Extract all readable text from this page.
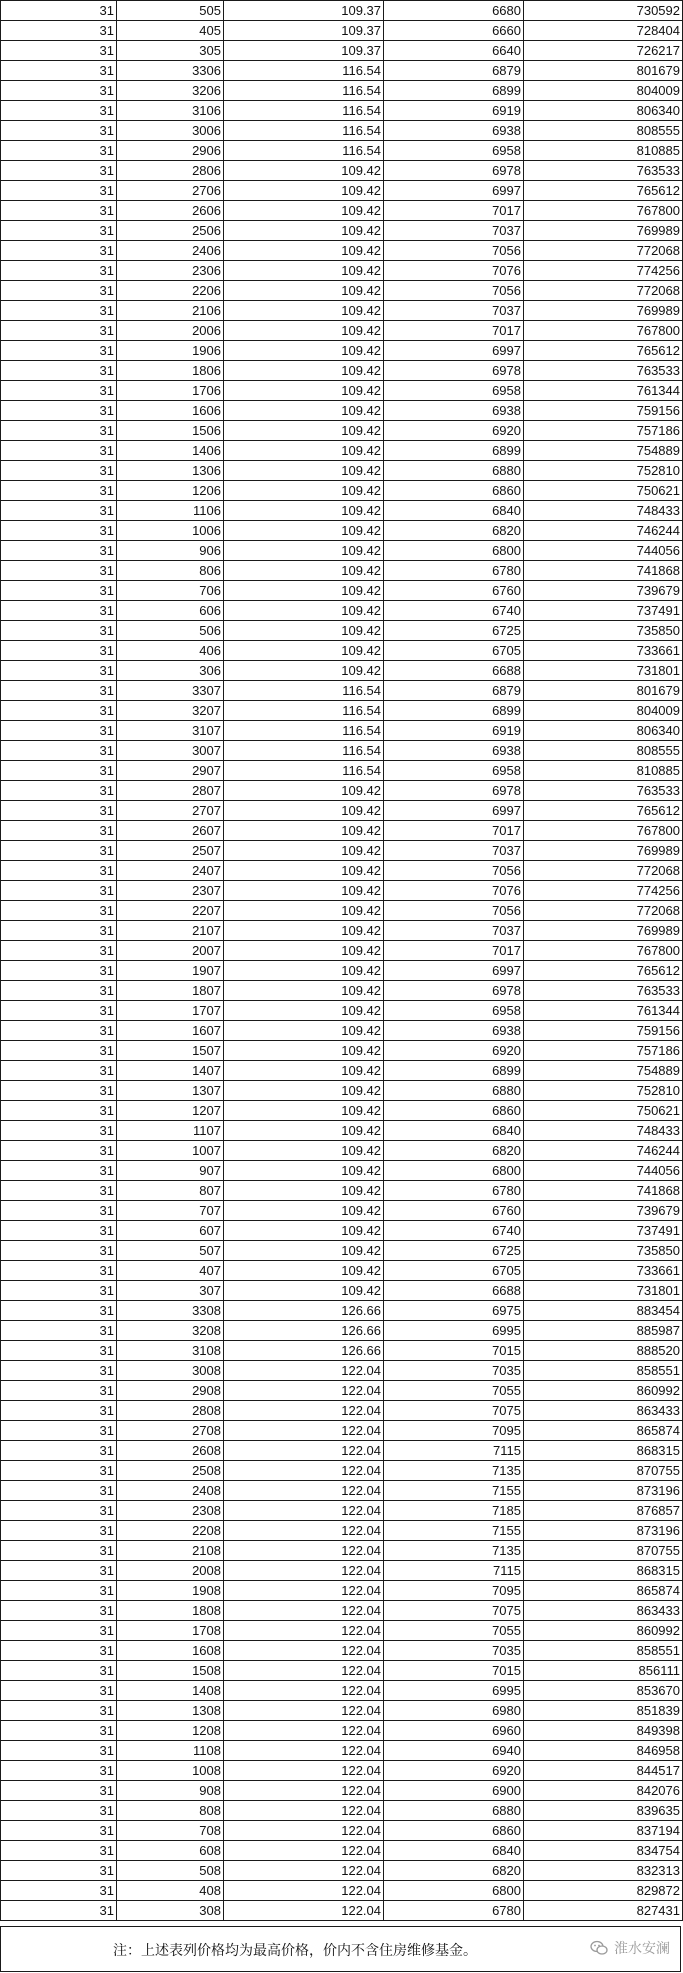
31	505	109.37	6680	730592
31	405	109.37	6660	728404
31	305	109.37	6640	726217
31	3306	116.54	6879	801679
31	3206	116.54	6899	804009
31	3106	116.54	6919	806340
31	3006	116.54	6938	808555
31	2906	116.54	6958	810885
31	2806	109.42	6978	763533
31	2706	109.42	6997	765612
31	2606	109.42	7017	767800
31	2506	109.42	7037	769989
31	2406	109.42	7056	772068
31	2306	109.42	7076	774256
31	2206	109.42	7056	772068
31	2106	109.42	7037	769989
31	2006	109.42	7017	767800
31	1906	109.42	6997	765612
31	1806	109.42	6978	763533
31	1706	109.42	6958	761344
31	1606	109.42	6938	759156
31	1506	109.42	6920	757186
31	1406	109.42	6899	754889
31	1306	109.42	6880	752810
31	1206	109.42	6860	750621
31	1106	109.42	6840	748433
31	1006	109.42	6820	746244
31	906	109.42	6800	744056
31	806	109.42	6780	741868
31	706	109.42	6760	739679
31	606	109.42	6740	737491
31	506	109.42	6725	735850
31	406	109.42	6705	733661
31	306	109.42	6688	731801
31	3307	116.54	6879	801679
31	3207	116.54	6899	804009
31	3107	116.54	6919	806340
31	3007	116.54	6938	808555
31	2907	116.54	6958	810885
31	2807	109.42	6978	763533
31	2707	109.42	6997	765612
31	2607	109.42	7017	767800
31	2507	109.42	7037	769989
31	2407	109.42	7056	772068
31	2307	109.42	7076	774256
31	2207	109.42	7056	772068
31	2107	109.42	7037	769989
31	2007	109.42	7017	767800
31	1907	109.42	6997	765612
31	1807	109.42	6978	763533
31	1707	109.42	6958	761344
31	1607	109.42	6938	759156
31	1507	109.42	6920	757186
31	1407	109.42	6899	754889
31	1307	109.42	6880	752810
31	1207	109.42	6860	750621
31	1107	109.42	6840	748433
31	1007	109.42	6820	746244
31	907	109.42	6800	744056
31	807	109.42	6780	741868
31	707	109.42	6760	739679
31	607	109.42	6740	737491
31	507	109.42	6725	735850
31	407	109.42	6705	733661
31	307	109.42	6688	731801
31	3308	126.66	6975	883454
31	3208	126.66	6995	885987
31	3108	126.66	7015	888520
31	3008	122.04	7035	858551
31	2908	122.04	7055	860992
31	2808	122.04	7075	863433
31	2708	122.04	7095	865874
31	2608	122.04	7115	868315
31	2508	122.04	7135	870755
31	2408	122.04	7155	873196
31	2308	122.04	7185	876857
31	2208	122.04	7155	873196
31	2108	122.04	7135	870755
31	2008	122.04	7115	868315
31	1908	122.04	7095	865874
31	1808	122.04	7075	863433
31	1708	122.04	7055	860992
31	1608	122.04	7035	858551
31	1508	122.04	7015	856111
31	1408	122.04	6995	853670
31	1308	122.04	6980	851839
31	1208	122.04	6960	849398
31	1108	122.04	6940	846958
31	1008	122.04	6920	844517
31	908	122.04	6900	842076
31	808	122.04	6880	839635
31	708	122.04	6860	837194
31	608	122.04	6840	834754
31	508	122.04	6820	832313
31	408	122.04	6800	829872
31	308	122.04	6780	827431
注：上述表列价格均为最高价格，价内不含住房维修基金。	淮水安澜
